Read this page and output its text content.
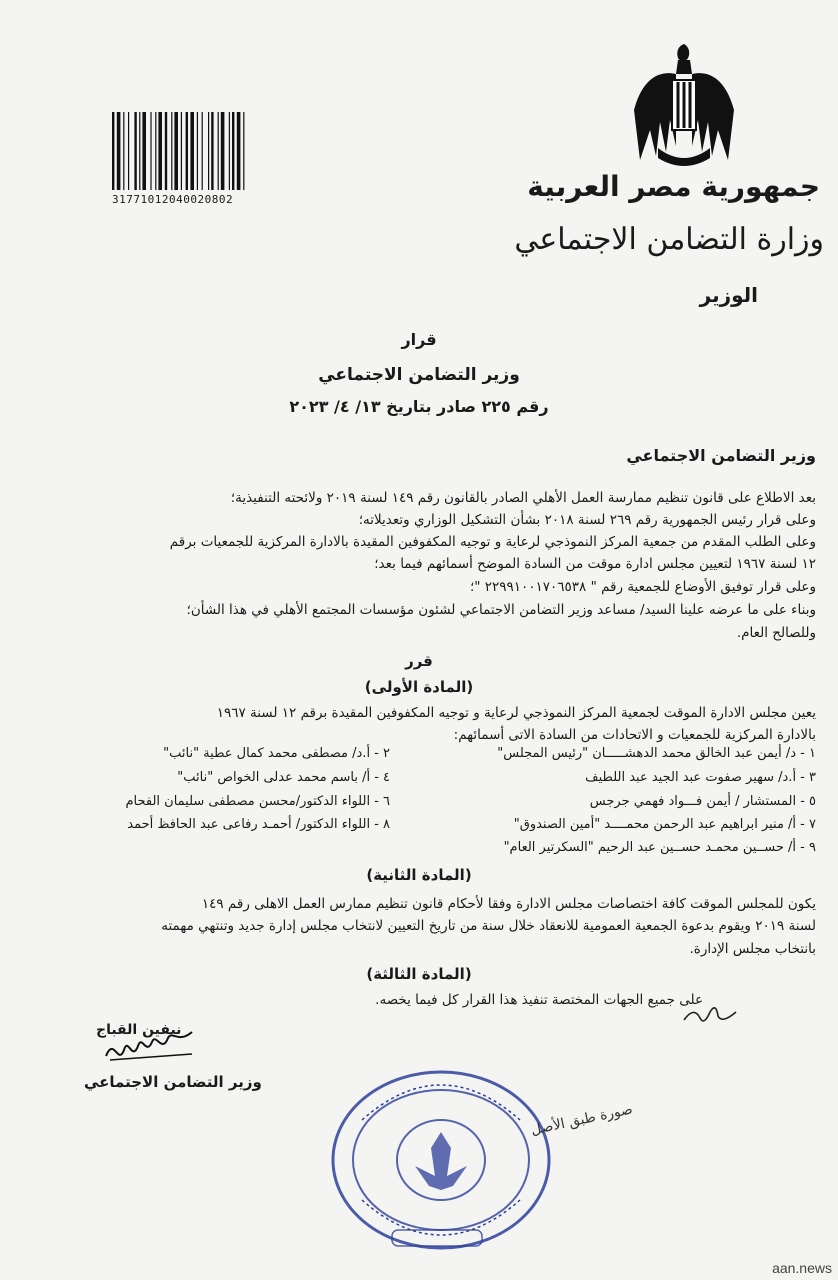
31771012040020802	جمهورية مصر العربية
وزارة التضامن الاجتماعي
الوزير
قرار
وزير التضامن الاجتماعي
رقم ٢٢٥ صادر بتاريخ ١٣/ ٤/ ٢٠٢٣
وزير التضامن الاجتماعي
بعد الاطلاع على قانون تنظيم ممارسة العمل الأهلي الصادر بالقانون رقم ١٤٩ لسنة ٢٠١٩ ولائحته التنفيذية؛
وعلى قرار رئيس الجمهورية رقم ٢٦٩ لسنة ٢٠١٨ بشأن التشكيل الوزاري وتعديلاته؛
وعلى الطلب المقدم من جمعية المركز النموذجي لرعاية و توجيه المكفوفين المقيدة بالادارة المركزية للجمعيات برقم
١٢ لسنة ١٩٦٧ لتعيين مجلس ادارة موقت من السادة الموضح أسمائهم فيما بعد؛
وعلى قرار توفيق الأوضاع للجمعية رقم " ٢٢٩٩١٠٠١٧٠٦٥٣٨ "؛
وبناء على ما عرضه علينا السيد/ مساعد وزير التضامن الاجتماعي لشئون مؤسسات المجتمع الأهلي في هذا الشأن؛
وللصالح العام.
قرر
(المادة الأولى)
يعين مجلس الادارة الموقت لجمعية المركز النموذجي لرعاية و توجيه المكفوفين المقيدة برقم ١٢ لسنة ١٩٦٧
بالادارة المركزية للجمعيات و الاتحادات من السادة الاتى أسمائهم:
١ - د/ أيمن عبد الخالق محمد الدهشـــــان "رئيس المجلس"
٣ - أ.د/ سهير صفوت عبد الجيد عبد اللطيف
٥ - المستشار / أيمن فـــواد فهمي جرجس
٧ - أ/ منير ابراهيم عبد الرحمن محمــــد "أمين الصندوق"
٩ - أ/ حســين محمـد حســين عبد الرحيم "السكرتير العام"
٢ - أ.د/ مصطفى محمد كمال عطية "نائب"
٤ - أ/ باسم محمد عدلى الخواص "نائب"
٦ - اللواء الدكتور/محسن مصطفى سليمان الفحام
٨ - اللواء الدكتور/ أحمـد رفاعى عبد الحافظ أحمد
(المادة الثانية)
يكون للمجلس الموقت كافة اختصاصات مجلس الادارة وفقا لأحكام قانون تنظيم ممارس العمل الاهلى رقم ١٤٩
لسنة ٢٠١٩ ويقوم بدعوة الجمعية العمومية للانعقاد خلال سنة من تاريخ التعيين لانتخاب مجلس إدارة جديد وتنتهي مهمته
بانتخاب مجلس الإدارة.
(المادة الثالثة)
على جميع الجهات المختصة تنفيذ هذا القرار كل فيما يخصه.
نيفين القباج
وزير التضامن الاجتماعي
صورة طبق الأصل
aan.news
